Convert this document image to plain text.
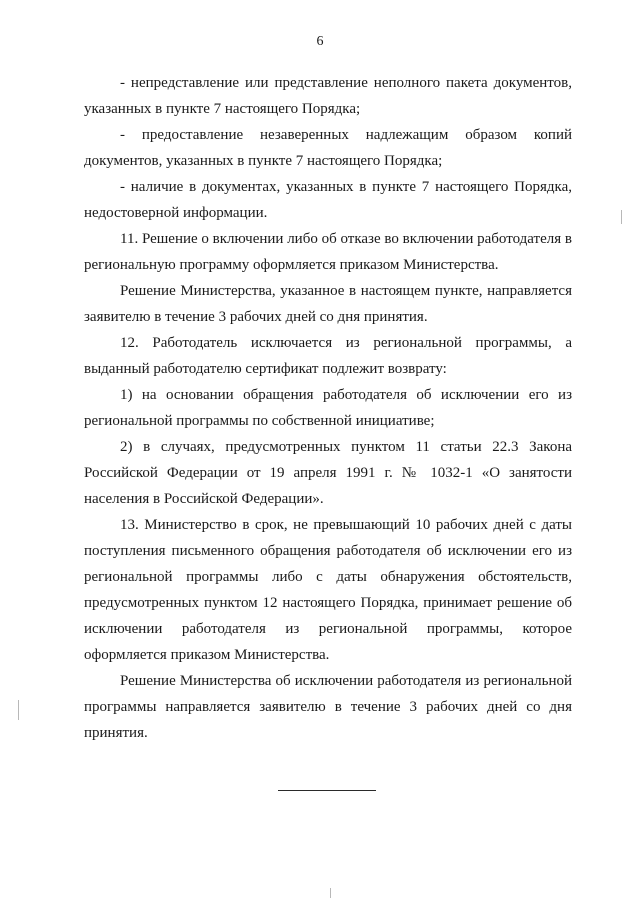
6

- непредставление или представление неполного пакета документов, указанных в пункте 7 настоящего Порядка;

- предоставление незаверенных надлежащим образом копий документов, указанных в пункте 7 настоящего Порядка;

- наличие в документах, указанных в пункте 7 настоящего Порядка, недостоверной информации.

11. Решение о включении либо об отказе во включении работодателя в региональную программу оформляется приказом Министерства.

Решение Министерства, указанное в настоящем пункте, направляется заявителю в течение 3 рабочих дней со дня принятия.

12. Работодатель исключается из региональной программы, а выданный работодателю сертификат подлежит возврату:

1) на основании обращения работодателя об исключении его из региональной программы по собственной инициативе;

2) в случаях, предусмотренных пунктом 11 статьи 22.3 Закона Российской Федерации от 19 апреля 1991 г. № 1032-1 «О занятости населения в Российской Федерации».

13. Министерство в срок, не превышающий 10 рабочих дней с даты поступления письменного обращения работодателя об исключении его из региональной программы либо с даты обнаружения обстоятельств, предусмотренных пунктом 12 настоящего Порядка, принимает решение об исключении работодателя из региональной программы, которое оформляется приказом Министерства.

Решение Министерства об исключении работодателя из региональной программы направляется заявителю в течение 3 рабочих дней со дня принятия.
